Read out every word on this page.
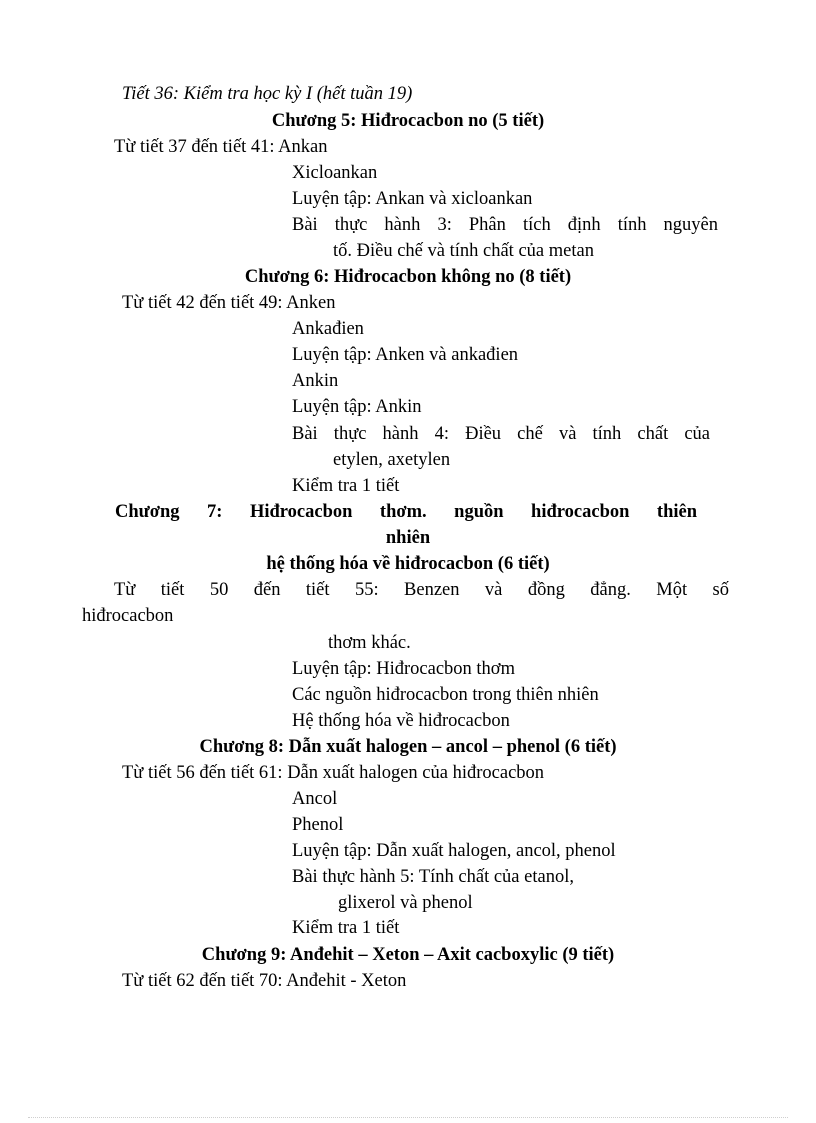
Tiết 36: Kiểm tra học kỳ I (hết tuần 19)
Chương 5: Hiđrocacbon no (5 tiết)
Từ tiết 37 đến tiết 41: Ankan
Xicloankan
Luyện tập: Ankan và xicloankan
Bài thực hành 3: Phân tích định tính nguyên
tố. Điều chế và tính chất của metan
Chương 6: Hiđrocacbon không no (8 tiết)
Từ tiết 42 đến tiết 49: Anken
Ankađien
Luyện tập: Anken và ankađien
Ankin
Luyện tập: Ankin
Bài thực hành 4: Điều chế và tính chất của
etylen, axetylen
Kiểm tra 1 tiết
Chương 7: Hiđrocacbon thơm. nguồn hiđrocacbon thiên
nhiên
hệ thống hóa về hiđrocacbon (6 tiết)
Từ tiết 50 đến tiết 55: Benzen và đồng đẳng. Một số
hiđrocacbon
thơm khác.
Luyện tập: Hiđrocacbon thơm
Các nguồn hiđrocacbon trong thiên nhiên
Hệ thống hóa về hiđrocacbon
Chương 8: Dẫn xuất halogen – ancol – phenol (6 tiết)
Từ tiết 56 đến tiết 61: Dẫn xuất halogen của hiđrocacbon
Ancol
Phenol
Luyện tập: Dẫn xuất halogen, ancol, phenol
Bài thực hành 5: Tính chất của etanol,
glixerol và phenol
Kiểm tra 1 tiết
Chương 9: Anđehit – Xeton – Axit cacboxylic (9 tiết)
Từ tiết 62 đến tiết 70: Anđehit - Xeton
